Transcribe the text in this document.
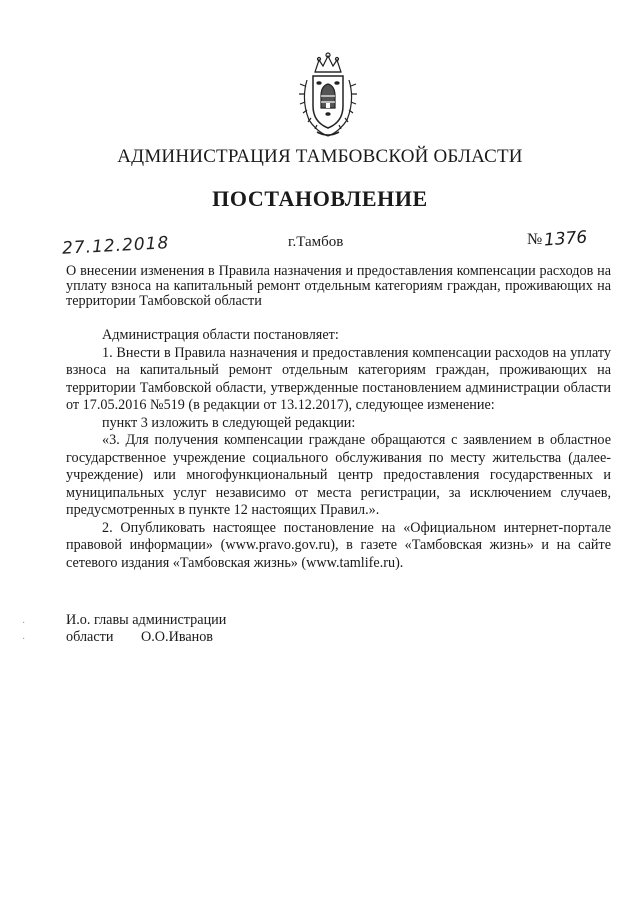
АДМИНИСТРАЦИЯ ТАМБОВСКОЙ ОБЛАСТИ
ПОСТАНОВЛЕНИЕ
27.12.2018	г.Тамбов	№1376
О внесении изменения в Правила назначения и предоставления компенсации расходов на уплату взноса на капитальный ремонт отдельным категориям граждан, проживающих на территории Тамбовской области

Администрация области постановляет:

1. Внести в Правила назначения и предоставления компенсации расходов на уплату взноса на капитальный ремонт отдельным категориям граждан, проживающих на территории Тамбовской области, утвержденные постановлением администрации области от 17.05.2016 №519 (в редакции от 13.12.2017), следующее изменение:

пункт 3 изложить в следующей редакции:

«3. Для получения компенсации граждане обращаются с заявлением в областное государственное учреждение социального обслуживания по месту жительства (далее- учреждение) или многофункциональный центр предоставления государственных и муниципальных услуг независимо от места регистрации, за исключением случаев, предусмотренных в пункте 12 настоящих Правил.».

2. Опубликовать настоящее постановление на «Официальном интернет-портале правовой информации» (www.pravo.gov.ru), в газете «Тамбовская жизнь» и на сайте сетевого издания «Тамбовская жизнь» (www.tamlife.ru).

И.о. главы администрации
области О.О.Иванов
·
·
